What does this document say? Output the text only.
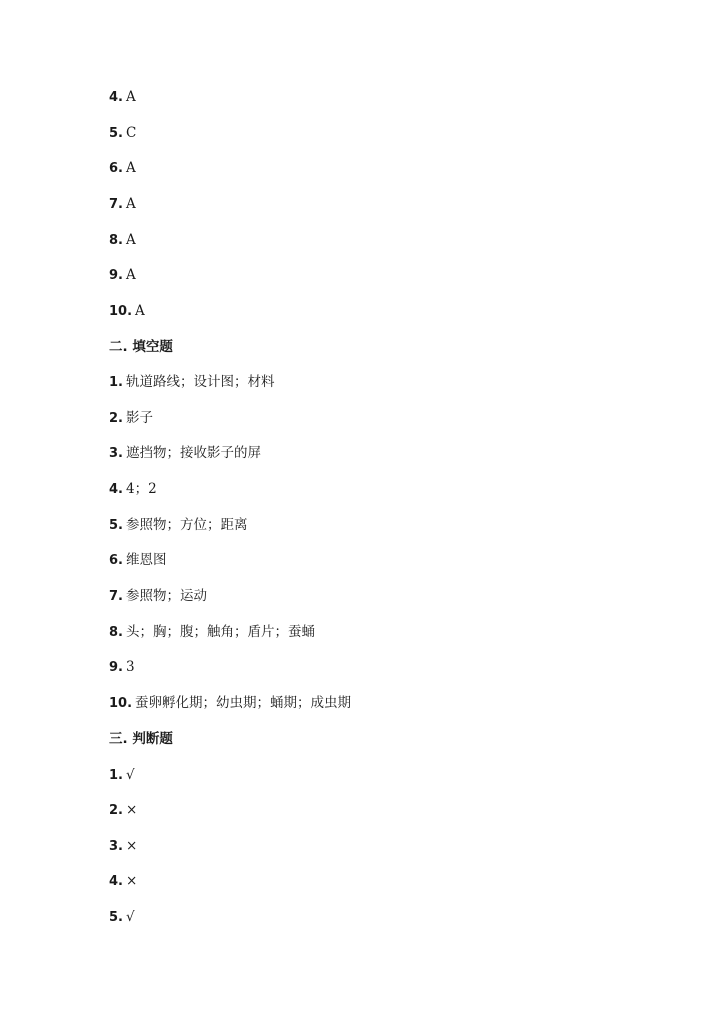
4. A
5. C
6. A
7. A
8. A
9. A
10. A
二. 填空题
1. 轨道路线；设计图；材料
2. 影子
3. 遮挡物；接收影子的屏
4. 4；2
5. 参照物；方位；距离
6. 维恩图
7. 参照物；运动
8. 头；胸；腹；触角；盾片；蚕蛹
9. 3
10. 蚕卵孵化期；幼虫期；蛹期；成虫期
三. 判断题
1. √
2. ×
3. ×
4. ×
5. √
